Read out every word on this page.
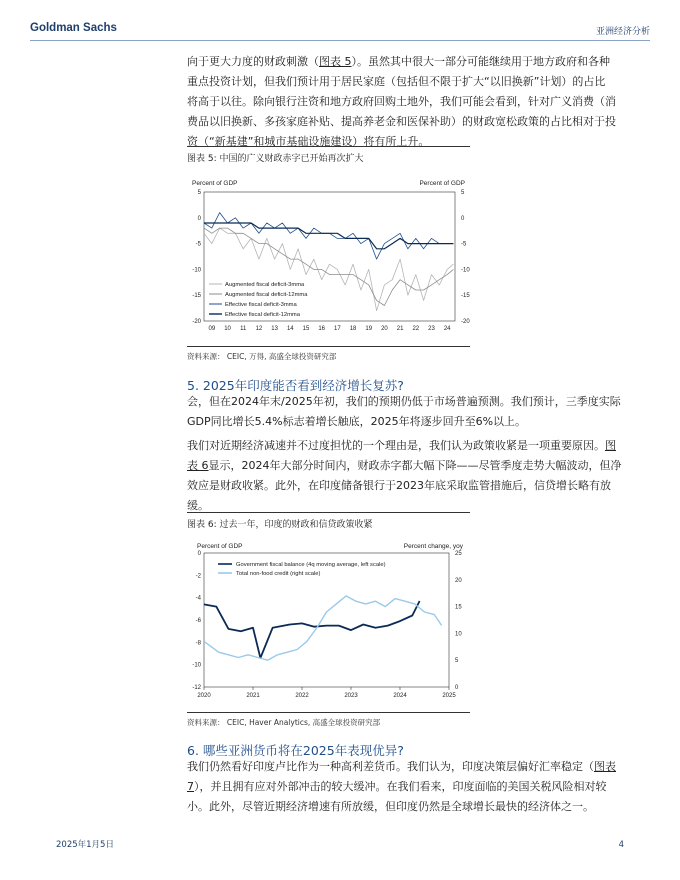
Goldman Sachs	亚洲经济分析

向于更大力度的财政刺激（图表 5）。虽然其中很大一部分可能继续用于地方政府和各种
重点投资计划，但我们预计用于居民家庭（包括但不限于扩大“以旧换新”计划）的占比
将高于以往。除向银行注资和地方政府回购土地外，我们可能会看到，针对广义消费（消
费品以旧换新、多孩家庭补贴、提高养老金和医保补助）的财政宽松政策的占比相对于投
资（“新基建”和城市基础设施建设）将有所上升。

图表 5: 中国的广义财政赤字已开始再次扩大
Percent of GDP	Percent of GDP
5	5
0	0
-5	-5
-10	-10
-15	-15
-20	-20
09 10 11 12 13 14 15 16 17 18 19 20 21 22 23 24
Augmented fiscal deficit-3mma
Augmented fiscal deficit-12mma
Effective fiscal deficit-3mma
Effective fiscal deficit-12mma
资料来源： CEIC, 万得, 高盛全球投资研究部

5. 2025年印度能否看到经济增长复苏?

会，但在2024年末/2025年初，我们的预期仍低于市场普遍预测。我们预计，三季度实际
GDP同比增长5.4%标志着增长触底，2025年将逐步回升至6%以上。

我们对近期经济减速并不过度担忧的一个理由是，我们认为政策收紧是一项重要原因。图
表 6显示，2024年大部分时间内，财政赤字都大幅下降——尽管季度走势大幅波动，但净
效应是财政收紧。此外，在印度储备银行于2023年底采取监管措施后，信贷增长略有放
缓。

图表 6: 过去一年，印度的财政和信贷政策收紧
Percent of GDP	Percent change, yoy
0
-2
-4
-6
-8
-10
-12
25
20
15
10
5
0
2020	2021	2022	2023	2024	2025
Government fiscal balance (4q moving average, left scale)
Total non-food credit (right scale)
资料来源： CEIC, Haver Analytics, 高盛全球投资研究部

6. 哪些亚洲货币将在2025年表现优异?

我们仍然看好印度卢比作为一种高利差货币。我们认为，印度决策层偏好汇率稳定（图表
7），并且拥有应对外部冲击的较大缓冲。在我们看来，印度面临的美国关税风险相对较
小。此外，尽管近期经济增速有所放缓，但印度仍然是全球增长最快的经济体之一。

2025年1月5日	4
